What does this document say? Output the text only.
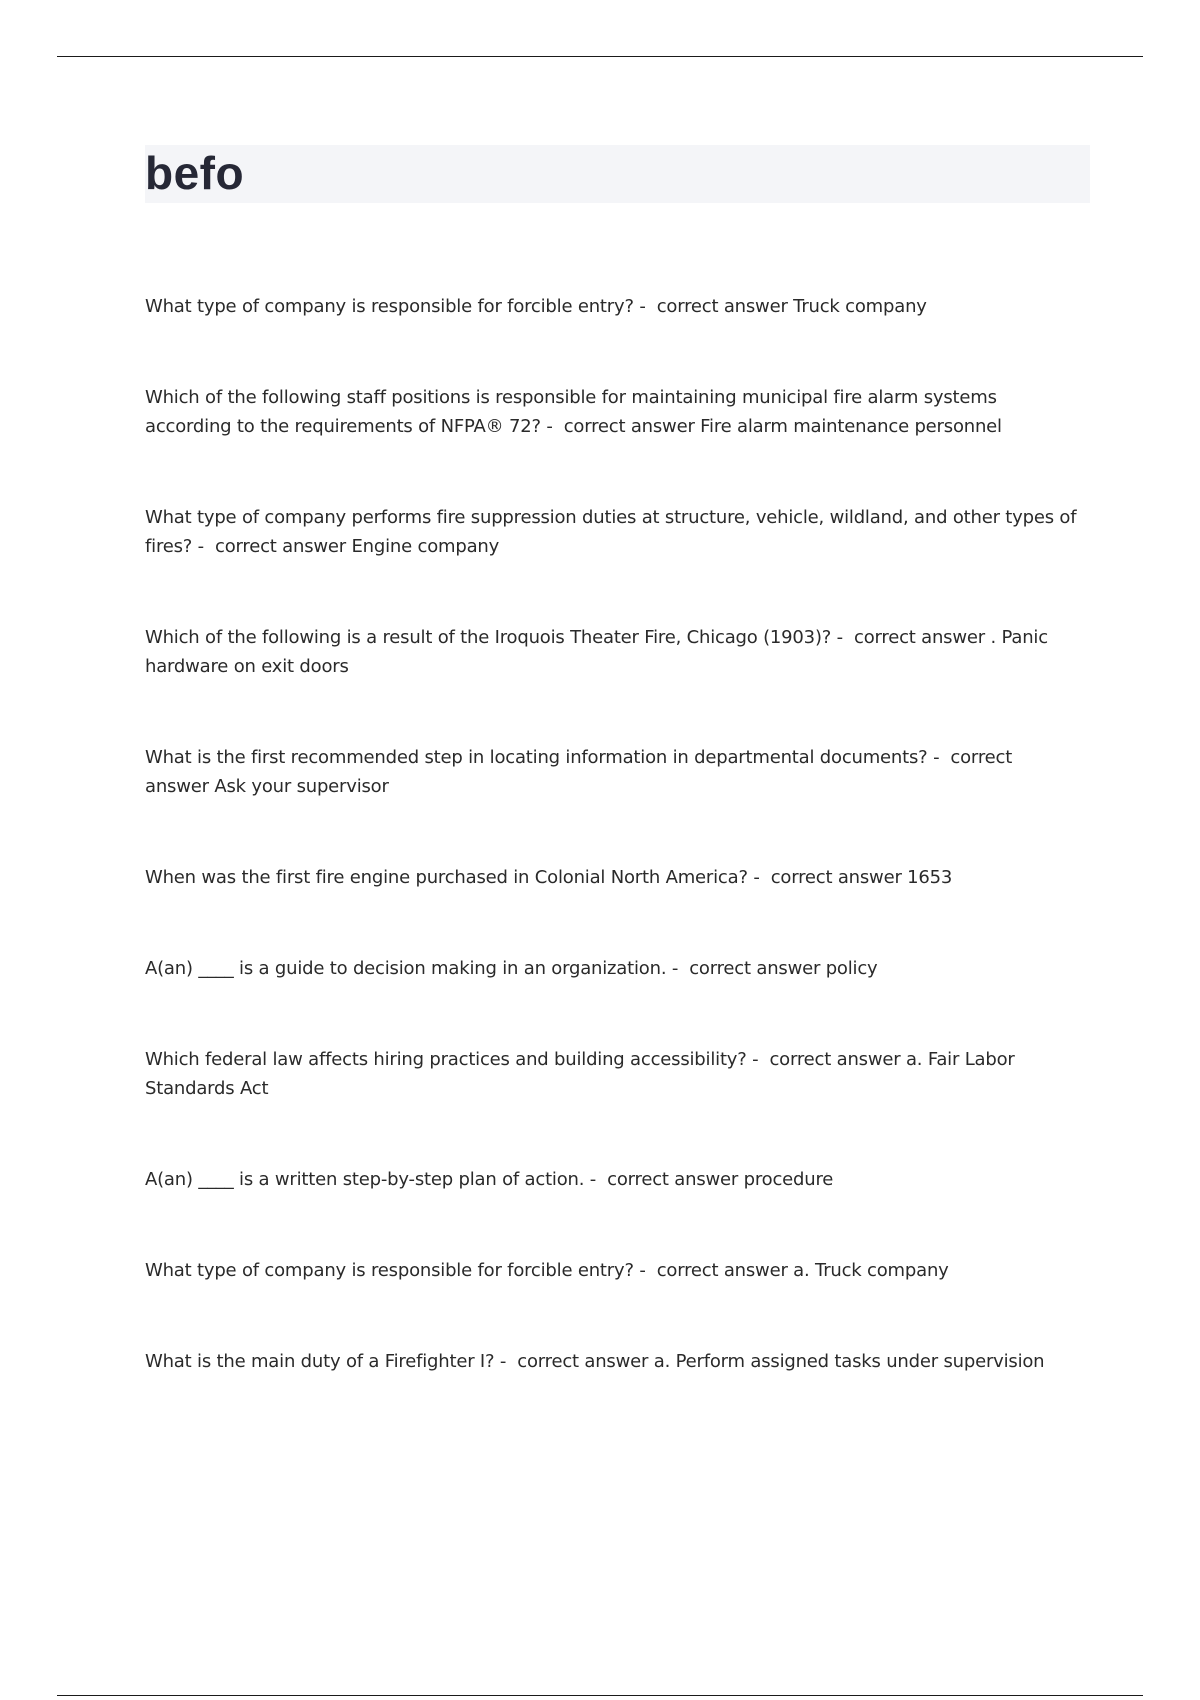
befo
What type of company is responsible for forcible entry? -  correct answer Truck company
Which of the following staff positions is responsible for maintaining municipal fire alarm systems according to the requirements of NFPA® 72? -  correct answer Fire alarm maintenance personnel
What type of company performs fire suppression duties at structure, vehicle, wildland, and other types of fires? -  correct answer Engine company
Which of the following is a result of the Iroquois Theater Fire, Chicago (1903)? -  correct answer . Panic hardware on exit doors
What is the first recommended step in locating information in departmental documents? -  correct answer Ask your supervisor
When was the first fire engine purchased in Colonial North America? -  correct answer 1653
A(an) ____ is a guide to decision making in an organization. -  correct answer policy
Which federal law affects hiring practices and building accessibility? -  correct answer a. Fair Labor Standards Act
A(an) ____ is a written step-by-step plan of action. -  correct answer procedure
What type of company is responsible for forcible entry? -  correct answer a. Truck company
What is the main duty of a Firefighter I? -  correct answer a. Perform assigned tasks under supervision
